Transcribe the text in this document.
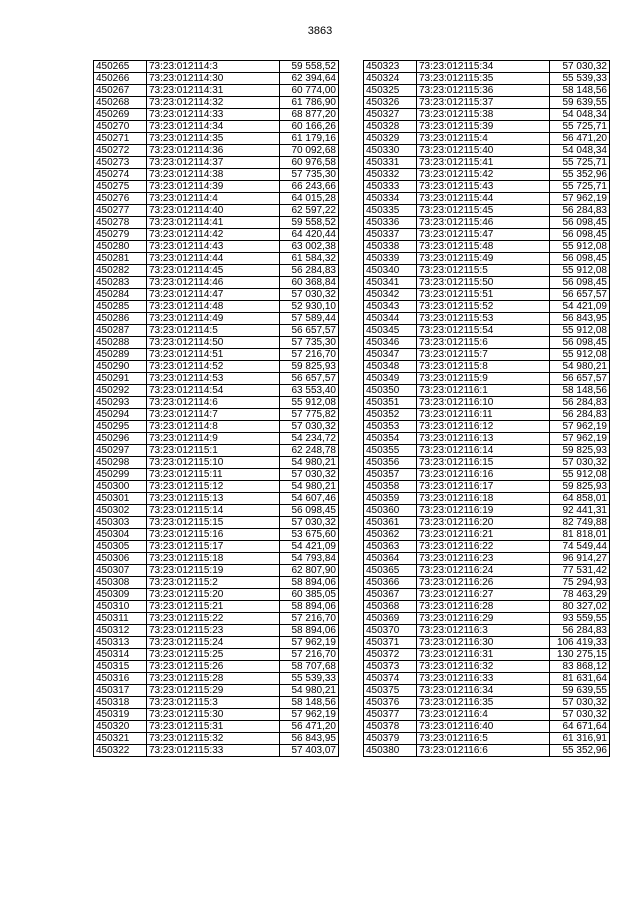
3863
450265	73:23:012114:3	59 558,52
450266	73:23:012114:30	62 394,64
450267	73:23:012114:31	60 774,00
450268	73:23:012114:32	61 786,90
450269	73:23:012114:33	68 877,20
450270	73:23:012114:34	60 166,26
450271	73:23:012114:35	61 179,16
450272	73:23:012114:36	70 092,68
450273	73:23:012114:37	60 976,58
450274	73:23:012114:38	57 735,30
450275	73:23:012114:39	66 243,66
450276	73:23:012114:4	64 015,28
450277	73:23:012114:40	62 597,22
450278	73:23:012114:41	59 558,52
450279	73:23:012114:42	64 420,44
450280	73:23:012114:43	63 002,38
450281	73:23:012114:44	61 584,32
450282	73:23:012114:45	56 284,83
450283	73:23:012114:46	60 368,84
450284	73:23:012114:47	57 030,32
450285	73:23:012114:48	52 930,10
450286	73:23:012114:49	57 589,44
450287	73:23:012114:5	56 657,57
450288	73:23:012114:50	57 735,30
450289	73:23:012114:51	57 216,70
450290	73:23:012114:52	59 825,93
450291	73:23:012114:53	56 657,57
450292	73:23:012114:54	63 553,40
450293	73:23:012114:6	55 912,08
450294	73:23:012114:7	57 775,82
450295	73:23:012114:8	57 030,32
450296	73:23:012114:9	54 234,72
450297	73:23:012115:1	62 248,78
450298	73:23:012115:10	54 980,21
450299	73:23:012115:11	57 030,32
450300	73:23:012115:12	54 980,21
450301	73:23:012115:13	54 607,46
450302	73:23:012115:14	56 098,45
450303	73:23:012115:15	57 030,32
450304	73:23:012115:16	53 675,60
450305	73:23:012115:17	54 421,09
450306	73:23:012115:18	54 793,84
450307	73:23:012115:19	62 807,90
450308	73:23:012115:2	58 894,06
450309	73:23:012115:20	60 385,05
450310	73:23:012115:21	58 894,06
450311	73:23:012115:22	57 216,70
450312	73:23:012115:23	58 894,06
450313	73:23:012115:24	57 962,19
450314	73:23:012115:25	57 216,70
450315	73:23:012115:26	58 707,68
450316	73:23:012115:28	55 539,33
450317	73:23:012115:29	54 980,21
450318	73:23:012115:3	58 148,56
450319	73:23:012115:30	57 962,19
450320	73:23:012115:31	56 471,20
450321	73:23:012115:32	56 843,95
450322	73:23:012115:33	57 403,07
450323	73:23:012115:34	57 030,32
450324	73:23:012115:35	55 539,33
450325	73:23:012115:36	58 148,56
450326	73:23:012115:37	59 639,55
450327	73:23:012115:38	54 048,34
450328	73:23:012115:39	55 725,71
450329	73:23:012115:4	56 471,20
450330	73:23:012115:40	54 048,34
450331	73:23:012115:41	55 725,71
450332	73:23:012115:42	55 352,96
450333	73:23:012115:43	55 725,71
450334	73:23:012115:44	57 962,19
450335	73:23:012115:45	56 284,83
450336	73:23:012115:46	56 098,45
450337	73:23:012115:47	56 098,45
450338	73:23:012115:48	55 912,08
450339	73:23:012115:49	56 098,45
450340	73:23:012115:5	55 912,08
450341	73:23:012115:50	56 098,45
450342	73:23:012115:51	56 657,57
450343	73:23:012115:52	54 421,09
450344	73:23:012115:53	56 843,95
450345	73:23:012115:54	55 912,08
450346	73:23:012115:6	56 098,45
450347	73:23:012115:7	55 912,08
450348	73:23:012115:8	54 980,21
450349	73:23:012115:9	56 657,57
450350	73:23:012116:1	58 148,56
450351	73:23:012116:10	56 284,83
450352	73:23:012116:11	56 284,83
450353	73:23:012116:12	57 962,19
450354	73:23:012116:13	57 962,19
450355	73:23:012116:14	59 825,93
450356	73:23:012116:15	57 030,32
450357	73:23:012116:16	55 912,08
450358	73:23:012116:17	59 825,93
450359	73:23:012116:18	64 858,01
450360	73:23:012116:19	92 441,31
450361	73:23:012116:20	82 749,88
450362	73:23:012116:21	81 818,01
450363	73:23:012116:22	74 549,44
450364	73:23:012116:23	96 914,27
450365	73:23:012116:24	77 531,42
450366	73:23:012116:26	75 294,93
450367	73:23:012116:27	78 463,29
450368	73:23:012116:28	80 327,02
450369	73:23:012116:29	93 559,55
450370	73:23:012116:3	56 284,83
450371	73:23:012116:30	106 419,33
450372	73:23:012116:31	130 275,15
450373	73:23:012116:32	83 868,12
450374	73:23:012116:33	81 631,64
450375	73:23:012116:34	59 639,55
450376	73:23:012116:35	57 030,32
450377	73:23:012116:4	57 030,32
450378	73:23:012116:40	64 671,64
450379	73:23:012116:5	61 316,91
450380	73:23:012116:6	55 352,96
